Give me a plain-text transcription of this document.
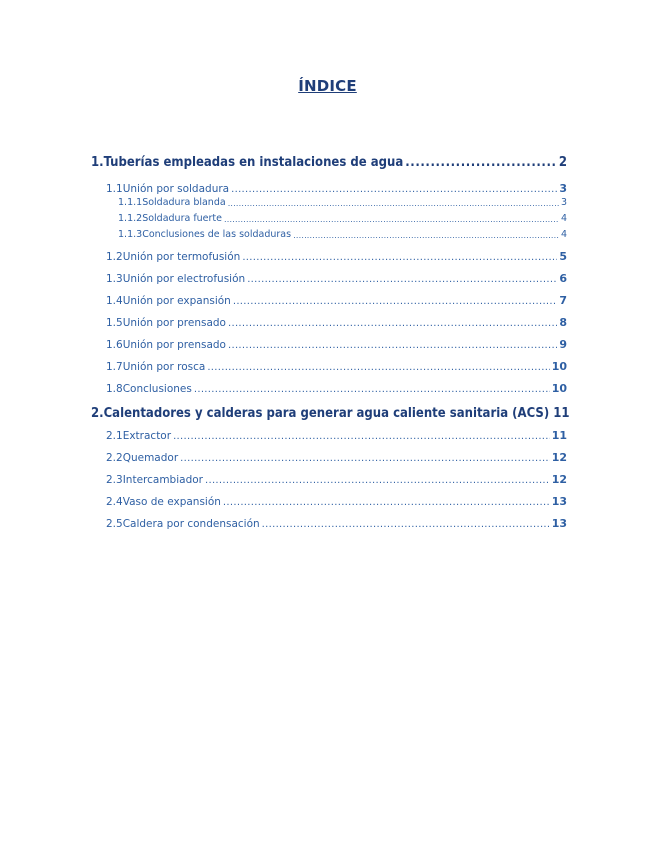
ÍNDICE
1. Tuberías empleadas en instalaciones de agua .....	2
1.1 Unión por soldadura .....	3
1.1.1 Soldadura blanda .....	3
1.1.2 Soldadura fuerte .....	4
1.1.3 Conclusiones de las soldaduras .....	4
1.2 Unión por termofusión .....	5
1.3 Unión por electrofusión .....	6
1.4 Unión por expansión .....	7
1.5 Unión por prensado .....	8
1.6 Unión por prensado .....	9
1.7 Unión por rosca .....	10
1.8 Conclusiones .....	10
2. Calentadores y calderas para generar agua caliente sanitaria (ACS) 11
2.1 Extractor .....	11
2.2 Quemador .....	12
2.3 Intercambiador .....	12
2.4 Vaso de expansión .....	13
2.5 Caldera por condensación .....	13
